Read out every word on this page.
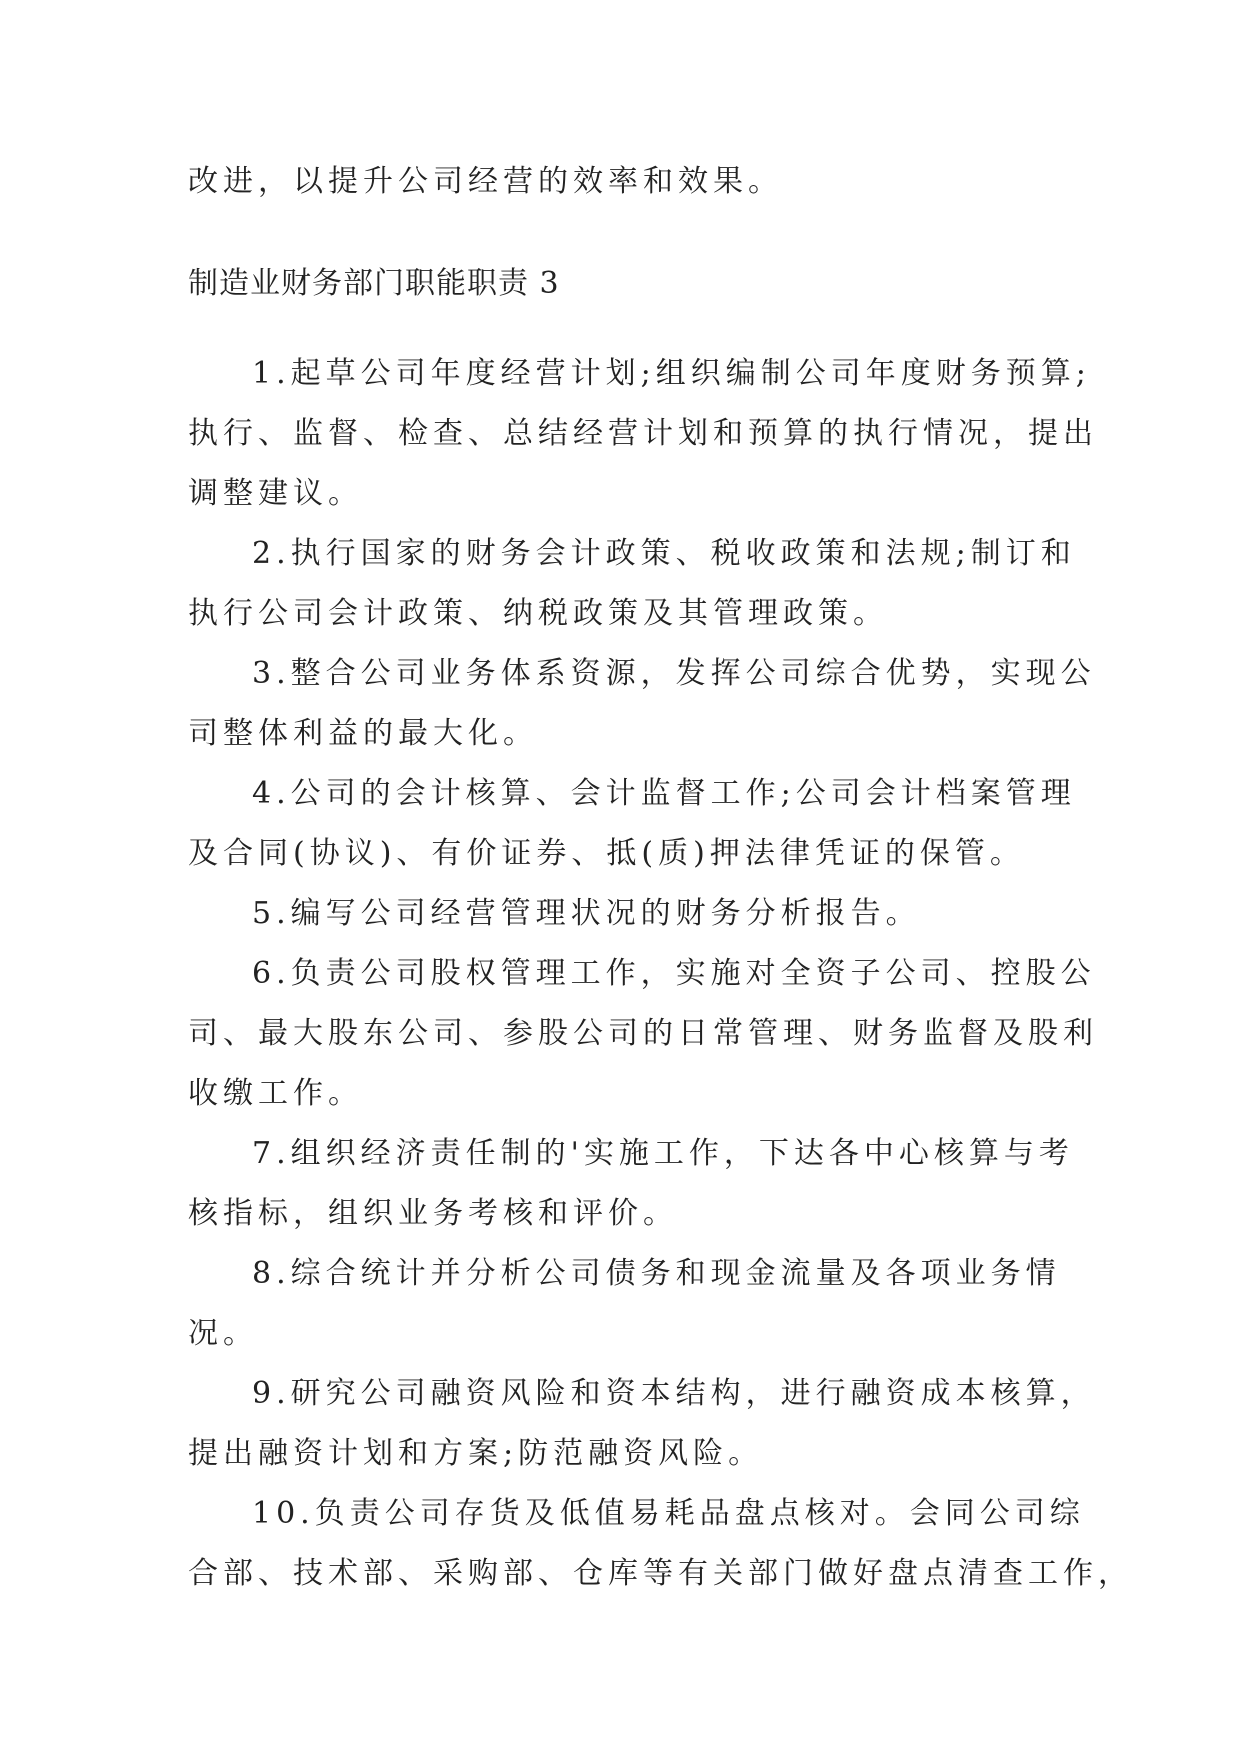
改进，以提升公司经营的效率和效果。

制造业财务部门职能职责 3

1.起草公司年度经营计划;组织编制公司年度财务预算;

执行、监督、检查、总结经营计划和预算的执行情况，提出

调整建议。

2.执行国家的财务会计政策、税收政策和法规;制订和

执行公司会计政策、纳税政策及其管理政策。

3.整合公司业务体系资源，发挥公司综合优势，实现公

司整体利益的最大化。

4.公司的会计核算、会计监督工作;公司会计档案管理

及合同(协议)、有价证券、抵(质)押法律凭证的保管。

5.编写公司经营管理状况的财务分析报告。

6.负责公司股权管理工作，实施对全资子公司、控股公

司、最大股东公司、参股公司的日常管理、财务监督及股利

收缴工作。

7.组织经济责任制的'实施工作，下达各中心核算与考

核指标，组织业务考核和评价。

8.综合统计并分析公司债务和现金流量及各项业务情

况。

9.研究公司融资风险和资本结构，进行融资成本核算，

提出融资计划和方案;防范融资风险。

10.负责公司存货及低值易耗品盘点核对。会同公司综

合部、技术部、采购部、仓库等有关部门做好盘点清查工作，
